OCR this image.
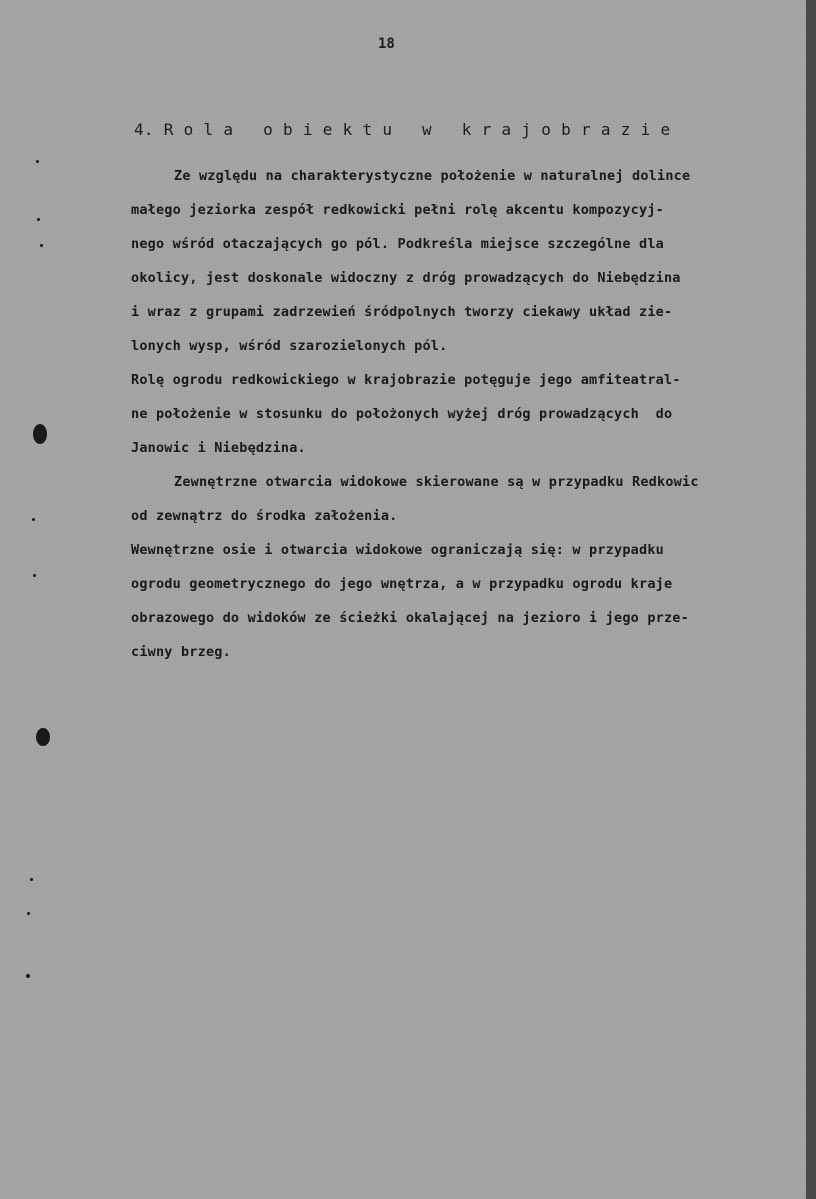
18
4. R o l a   o b i e k t u   w   k r a j o b r a z i e
Ze względu na charakterystyczne położenie w naturalnej dolince
małego jeziorka zespół redkowicki pełni rolę akcentu kompozycyj-
nego wśród otaczających go pól. Podkreśla miejsce szczególne dla
okolicy, jest doskonale widoczny z dróg prowadzących do Niebędzina
i wraz z grupami zadrzewień śródpolnych tworzy ciekawy układ zie-
lonych wysp, wśród szarozielonych pól.
Rolę ogrodu redkowickiego w krajobrazie potęguje jego amfiteatral-
ne położenie w stosunku do położonych wyżej dróg prowadzących  do
Janowic i Niebędzina.
Zewnętrzne otwarcia widokowe skierowane są w przypadku Redkowic
od zewnątrz do środka założenia.
Wewnętrzne osie i otwarcia widokowe ograniczają się: w przypadku
ogrodu geometrycznego do jego wnętrza, a w przypadku ogrodu kraje
obrazowego do widoków ze ścieżki okalającej na jezioro i jego prze-
ciwny brzeg.
